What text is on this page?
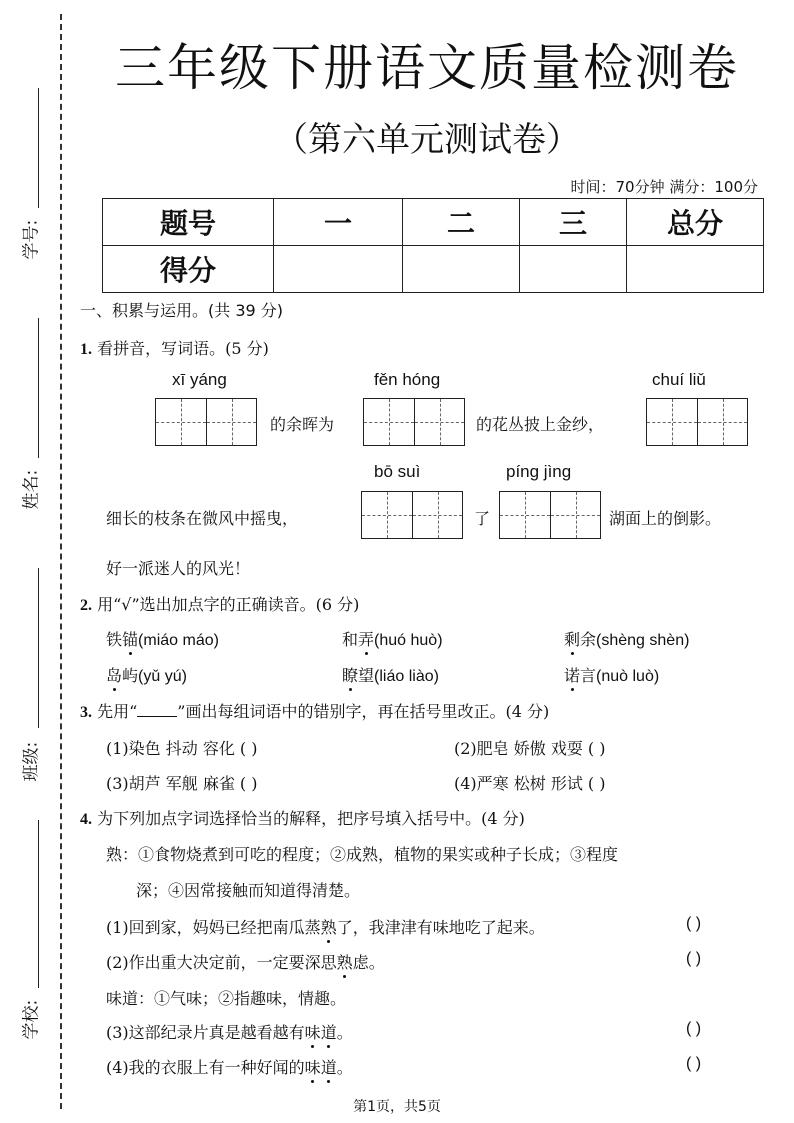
学号:
姓名:
班级:
学校:
三年级下册语文质量检测卷
（第六单元测试卷）
时间：70分钟 满分：100分
题号	一	二	三	总分
得分				
一、积累与运用。(共 39 分)
1. 看拼音，写词语。(5 分)
xī yáng	fěn hóng	chuí liǔ
的余晖为	的花丛披上金纱，
bō suì	píng jìng
细长的枝条在微风中摇曳，	了	湖面上的倒影。
好一派迷人的风光！
2. 用“√”选出加点字的正确读音。(6 分)
铁锚(miáo máo)	和弄(huó huò)	剩余(shèng shèn)
岛屿(yǔ yú)	瞭望(liáo liào)	诺言(nuò luò)
3. 先用“	”画出每组词语中的错别字，再在括号里改正。(4 分)
(1)染色 抖动 容化 ( )	(2)肥皂 娇傲 戏耍 ( )
(3)胡芦 军舰 麻雀 ( )	(4)严寒 松树 形试 ( )
4. 为下列加点字词选择恰当的解释，把序号填入括号中。(4 分)
熟：①食物烧煮到可吃的程度；②成熟，植物的果实或种子长成；③程度
深；④因常接触而知道得清楚。
(1)回到家，妈妈已经把南瓜蒸熟了，我津津有味地吃了起来。	( )
(2)作出重大决定前，一定要深思熟虑。	( )
味道：①气味；②指趣味，情趣。
(3)这部纪录片真是越看越有味道。	( )
(4)我的衣服上有一种好闻的味道。	( )
第1页，共5页
